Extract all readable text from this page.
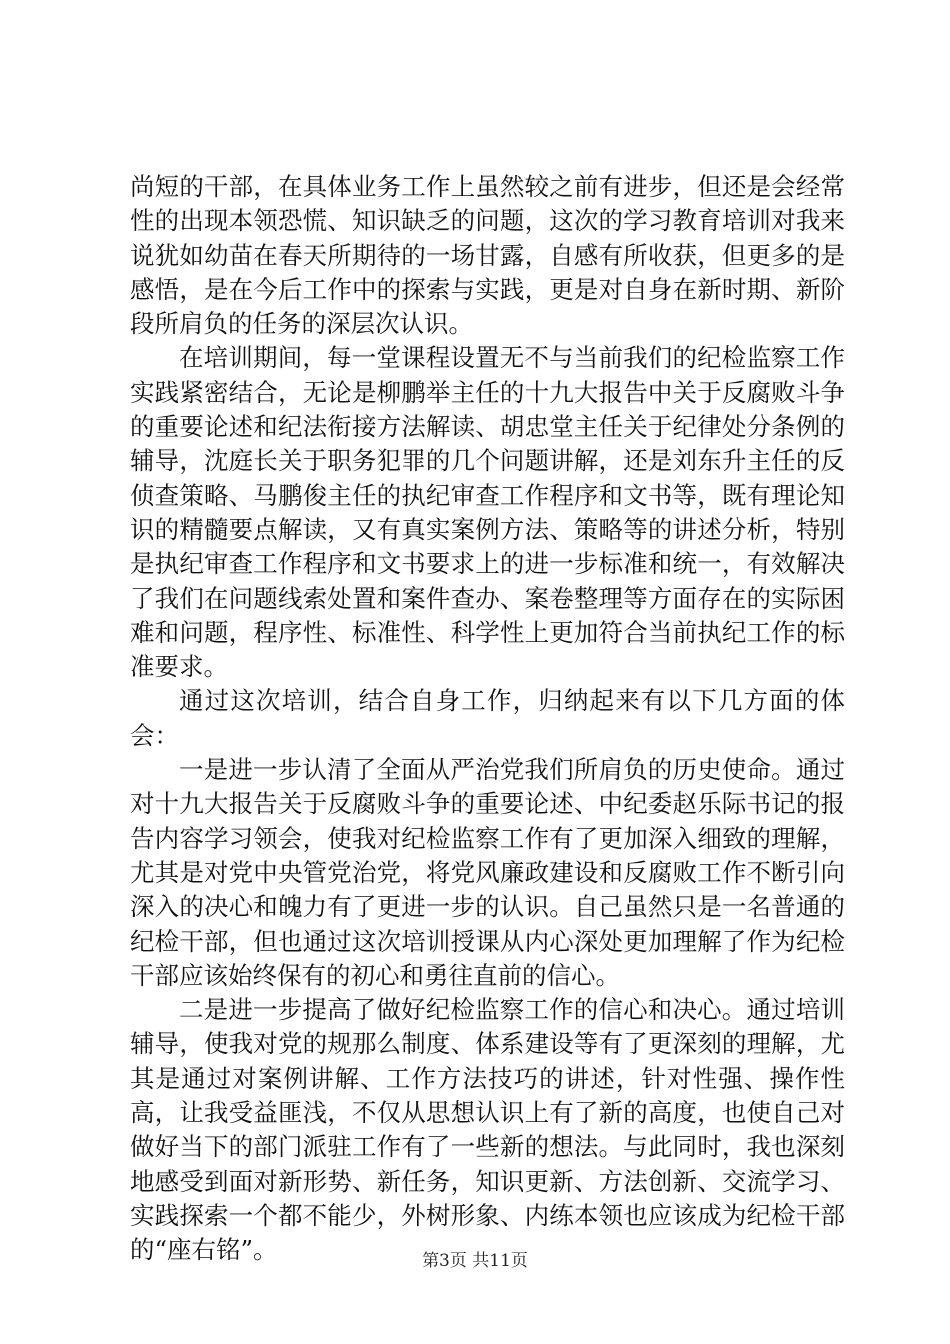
尚短的干部，在具体业务工作上虽然较之前有进步，但还是会经常性的出现本领恐慌、知识缺乏的问题，这次的学习教育培训对我来说犹如幼苗在春天所期待的一场甘露，自感有所收获，但更多的是感悟，是在今后工作中的探索与实践，更是对自身在新时期、新阶段所肩负的任务的深层次认识。

在培训期间，每一堂课程设置无不与当前我们的纪检监察工作实践紧密结合，无论是柳鹏举主任的十九大报告中关于反腐败斗争的重要论述和纪法衔接方法解读、胡忠堂主任关于纪律处分条例的辅导，沈庭长关于职务犯罪的几个问题讲解，还是刘东升主任的反侦查策略、马鹏俊主任的执纪审查工作程序和文书等，既有理论知识的精髓要点解读，又有真实案例方法、策略等的讲述分析，特别是执纪审查工作程序和文书要求上的进一步标准和统一，有效解决了我们在问题线索处置和案件查办、案卷整理等方面存在的实际困难和问题，程序性、标准性、科学性上更加符合当前执纪工作的标准要求。

通过这次培训，结合自身工作，归纳起来有以下几方面的体会：

一是进一步认清了全面从严治党我们所肩负的历史使命。通过对十九大报告关于反腐败斗争的重要论述、中纪委赵乐际书记的报告内容学习领会，使我对纪检监察工作有了更加深入细致的理解，尤其是对党中央管党治党，将党风廉政建设和反腐败工作不断引向深入的决心和魄力有了更进一步的认识。自己虽然只是一名普通的纪检干部，但也通过这次培训授课从内心深处更加理解了作为纪检干部应该始终保有的初心和勇往直前的信心。

二是进一步提高了做好纪检监察工作的信心和决心。通过培训辅导，使我对党的规那么制度、体系建设等有了更深刻的理解，尤其是通过对案例讲解、工作方法技巧的讲述，针对性强、操作性高，让我受益匪浅，不仅从思想认识上有了新的高度，也使自己对做好当下的部门派驻工作有了一些新的想法。与此同时，我也深刻地感受到面对新形势、新任务，知识更新、方法创新、交流学习、实践探索一个都不能少，外树形象、内练本领也应该成为纪检干部的“座右铭”。	第3页 共11页
